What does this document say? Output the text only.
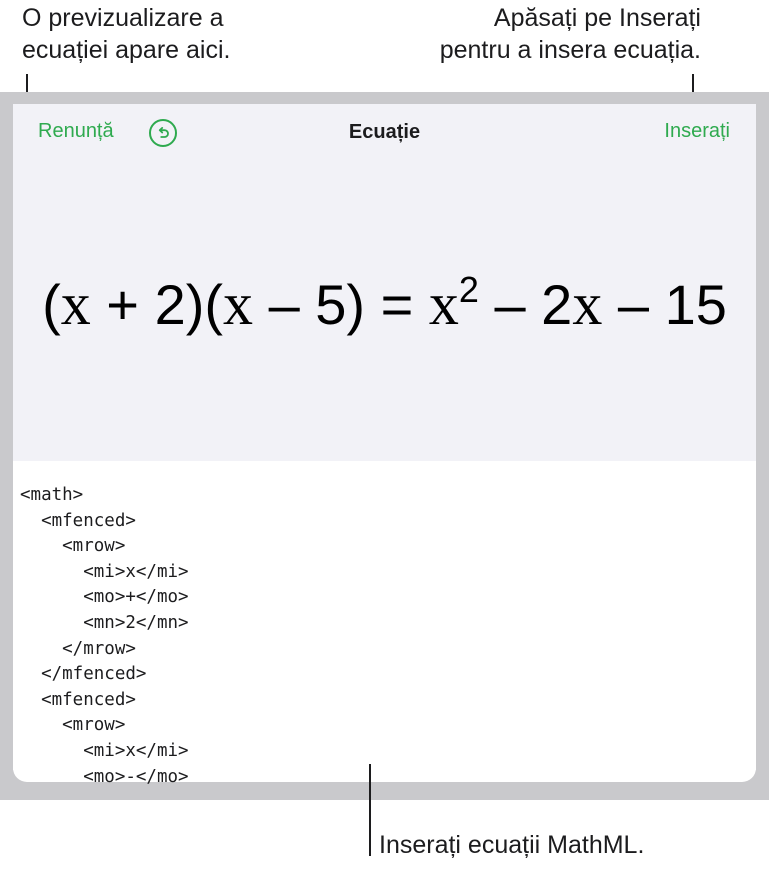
O previzualizare a
ecuației apare aici.
Apăsați pe Inserați
pentru a insera ecuația.
Renunță	Ecuație	Inserați
$(x + 2)(x - 5) = x^2 - 2x - 15$
<math>
<mfenced>
<mrow>
<mi>x</mi>
<mo>+</mo>
<mn>2</mn>
</mrow>
</mfenced>
<mfenced>
<mrow>
<mi>x</mi>
<mo>-</mo>
Inserați ecuații MathML.
